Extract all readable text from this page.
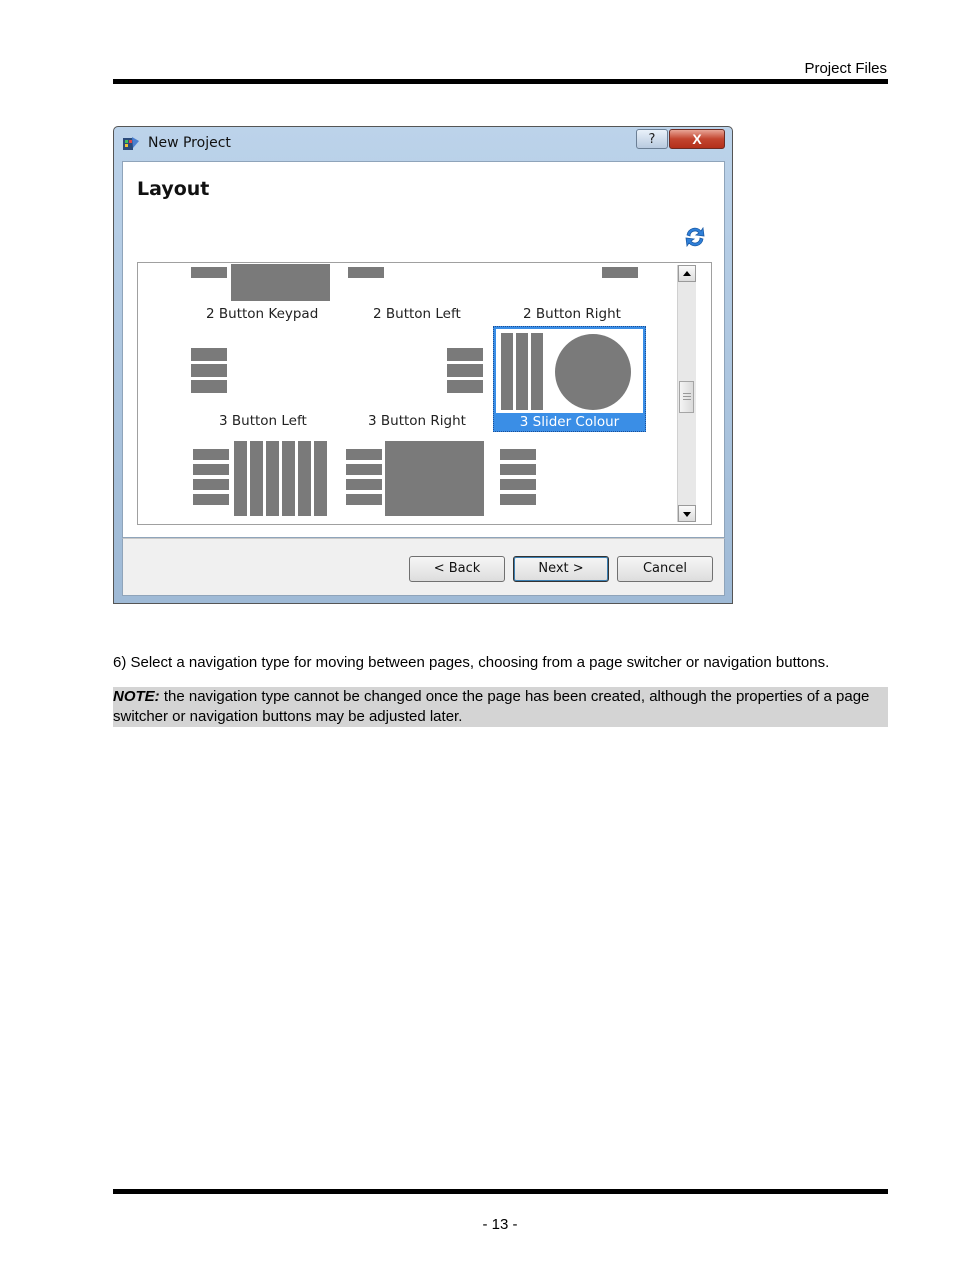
Project Files
New Project	?	X
Layout
2 Button Keypad	2 Button Left	2 Button Right
3 Button Left	3 Button Right	3 Slider Colour
< Back	Next >	Cancel
6) Select a navigation type for moving between pages, choosing from a page switcher or navigation buttons.
NOTE: the navigation type cannot be changed once the page has been created, although the properties of a page switcher or navigation buttons may be adjusted later.
- 13 -
